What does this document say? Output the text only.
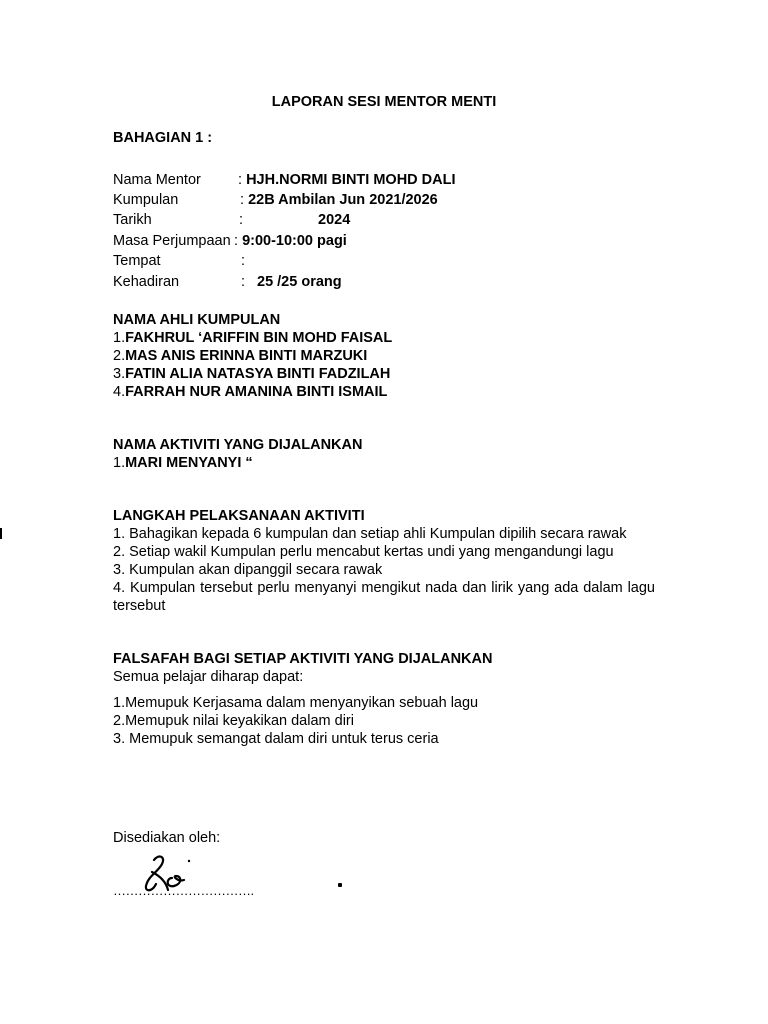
LAPORAN SESI MENTOR MENTI
BAHAGIAN 1 :
Nama Mentor	: HJH.NORMI BINTI MOHD DALI
Kumpulan	: 22B Ambilan Jun 2021/2026
Tarikh	:	2024
Masa Perjumpaan : 9:00-10:00 pagi
Tempat	:
Kehadiran	: 25 /25 orang
NAMA AHLI KUMPULAN
1.FAKHRUL ‘ARIFFIN BIN MOHD FAISAL
2.MAS ANIS ERINNA BINTI MARZUKI
3.FATIN ALIA NATASYA BINTI FADZILAH
4.FARRAH NUR AMANINA BINTI ISMAIL
NAMA AKTIVITI YANG DIJALANKAN
1.MARI MENYANYI “
LANGKAH PELAKSANAAN AKTIVITI
1. Bahagikan kepada 6 kumpulan dan setiap ahli Kumpulan dipilih secara rawak
2. Setiap wakil Kumpulan perlu mencabut kertas undi yang mengandungi lagu
3. Kumpulan akan dipanggil secara rawak
4. Kumpulan tersebut perlu menyanyi mengikut nada dan lirik yang ada dalam lagu tersebut
FALSAFAH BAGI SETIAP AKTIVITI YANG DIJALANKAN
Semua pelajar diharap dapat:
1.Memupuk Kerjasama dalam menyanyikan sebuah lagu
2.Memupuk nilai keyakikan dalam diri
3. Memupuk semangat dalam diri untuk terus ceria
Disediakan oleh:
…………………………….
